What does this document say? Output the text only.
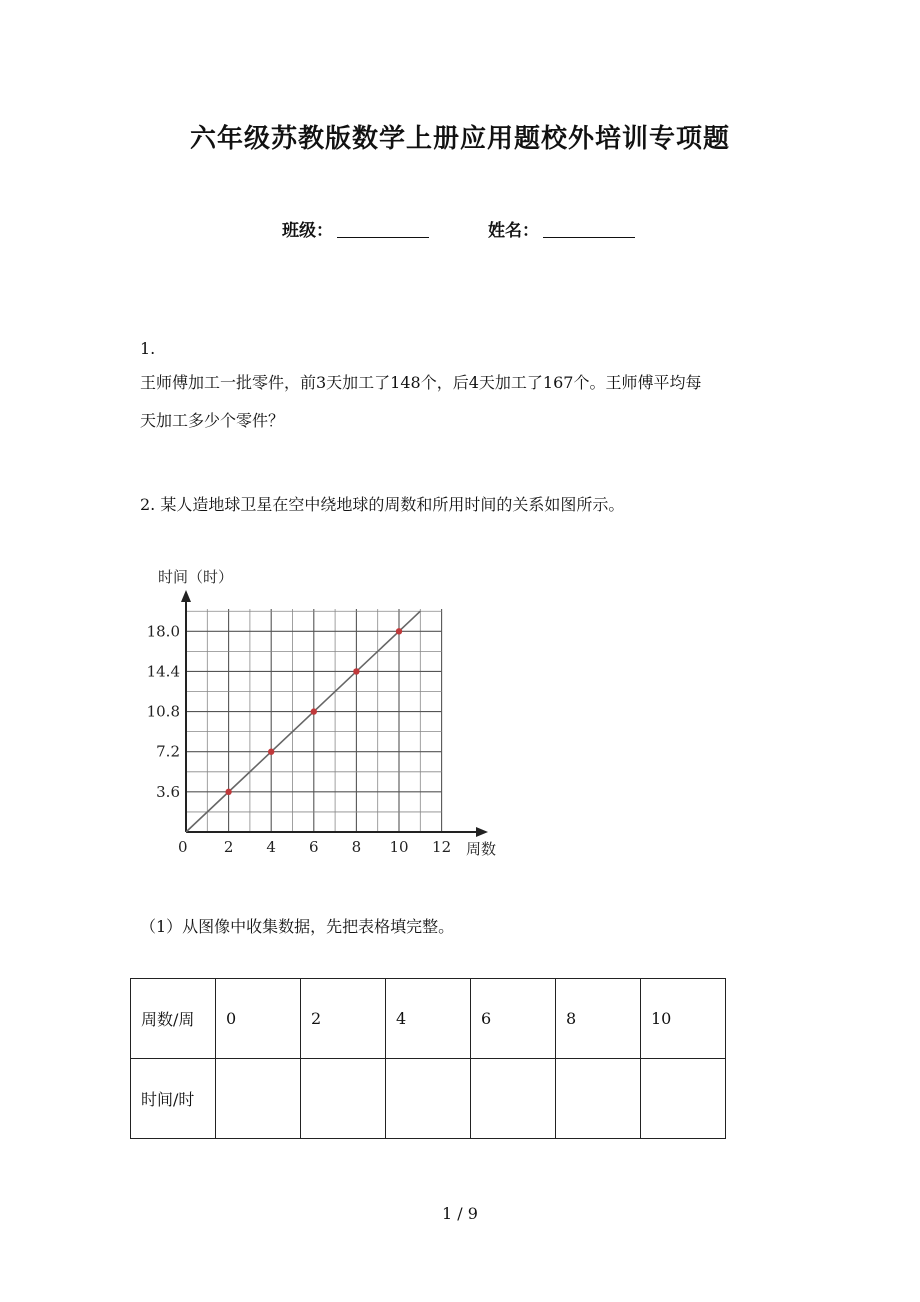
六年级苏教版数学上册应用题校外培训专项题
班级：	姓名：
1.
王师傅加工一批零件，前3天加工了148个，后4天加工了167个。王师傅平均每
天加工多少个零件？
2. 某人造地球卫星在空中绕地球的周数和所用时间的关系如图所示。
2 4 6 8 10 12
3.6
7.2
10.8
14.4
18.0
时间（时）
周数
0
（1）从图像中收集数据，先把表格填完整。
周数/周	0	2	4	6	8	10
时间/时						
1 / 9
